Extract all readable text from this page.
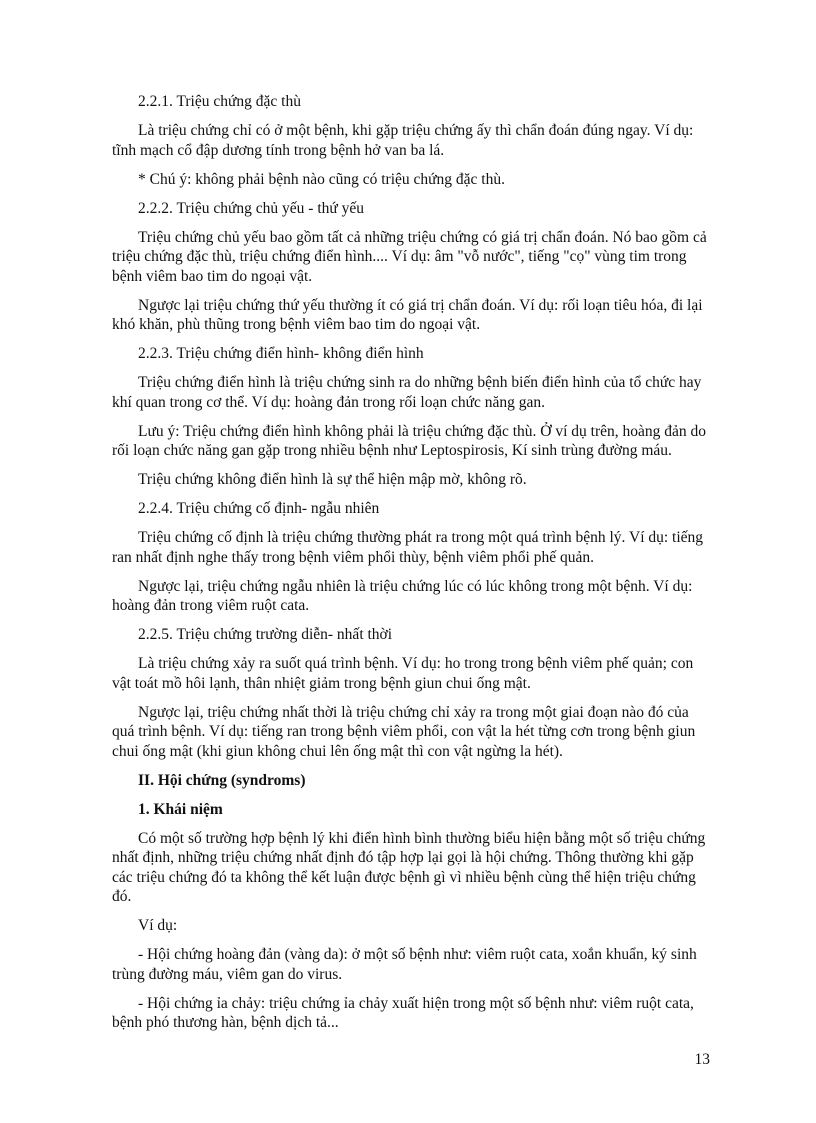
2.2.1. Triệu chứng đặc thù

Là triệu chứng chỉ có ở một bệnh, khi gặp triệu chứng ấy thì chẩn đoán đúng ngay. Ví dụ: tĩnh mạch cổ đập dương tính trong bệnh hở van ba lá.

* Chú ý: không phải bệnh nào cũng có triệu chứng đặc thù.

2.2.2. Triệu chứng chủ yếu - thứ yếu

Triệu chứng chủ yếu bao gồm tất cả những triệu chứng có giá trị chẩn đoán. Nó bao gồm cả triệu chứng đặc thù, triệu chứng điển hình.... Ví dụ: âm "vỗ nước", tiếng "cọ" vùng tim trong bệnh viêm bao tim do ngoại vật.

Ngược lại triệu chứng thứ yếu thường ít có giá trị chẩn đoán. Ví dụ: rối loạn tiêu hóa, đi lại khó khăn, phù thũng trong bệnh viêm bao tim do ngoại vật.

2.2.3. Triệu chứng điển hình- không điển hình

Triệu chứng điển hình là triệu chứng sinh ra do những bệnh biến điển hình của tổ chức hay khí quan trong cơ thể. Ví dụ: hoàng đản trong rối loạn chức năng gan.

Lưu ý: Triệu chứng điển hình không phải là triệu chứng đặc thù. Ở ví dụ trên, hoàng đản do rối loạn chức năng gan gặp trong nhiều bệnh như Leptospirosis, Kí sinh trùng đường máu.

Triệu chứng không điển hình là sự thể hiện mập mờ, không rõ.

2.2.4. Triệu chứng cố định- ngẫu nhiên

Triệu chứng cố định là triệu chứng thường phát ra trong một quá trình bệnh lý. Ví dụ: tiếng ran nhất định nghe thấy trong bệnh viêm phổi thùy, bệnh viêm phổi phế quản.

Ngược lại, triệu chứng ngẫu nhiên là triệu chứng lúc có lúc không trong một bệnh. Ví dụ: hoàng đản trong viêm ruột cata.

2.2.5. Triệu chứng trường diễn- nhất thời

Là triệu chứng xảy ra suốt quá trình bệnh. Ví dụ: ho trong trong bệnh viêm phế quản; con vật toát mồ hôi lạnh, thân nhiệt giảm trong bệnh giun chui ống mật.

Ngược lại, triệu chứng nhất thời là triệu chứng chỉ xảy ra trong một giai đoạn nào đó của quá trình bệnh. Ví dụ: tiếng ran trong bệnh viêm phổi, con vật la hét từng cơn trong bệnh giun chui ống mật (khi giun không chui lên ống mật thì con vật ngừng la hét).

II. Hội chứng (syndroms)

1. Khái niệm

Có một số trường hợp bệnh lý khi điển hình bình thường biểu hiện bằng một số triệu chứng nhất định, những triệu chứng nhất định đó tập hợp lại gọi là hội chứng. Thông thường khi gặp các triệu chứng đó ta không thể kết luận được bệnh gì vì nhiều bệnh cùng thể hiện triệu chứng đó.

Ví dụ:

- Hội chứng hoàng đản (vàng da): ở một số bệnh như: viêm ruột cata, xoắn khuẩn, ký sinh trùng đường máu, viêm gan do virus.

- Hội chứng ỉa chảy: triệu chứng ỉa chảy xuất hiện trong một số bệnh như: viêm ruột cata, bệnh phó thương hàn, bệnh dịch tả...

13
